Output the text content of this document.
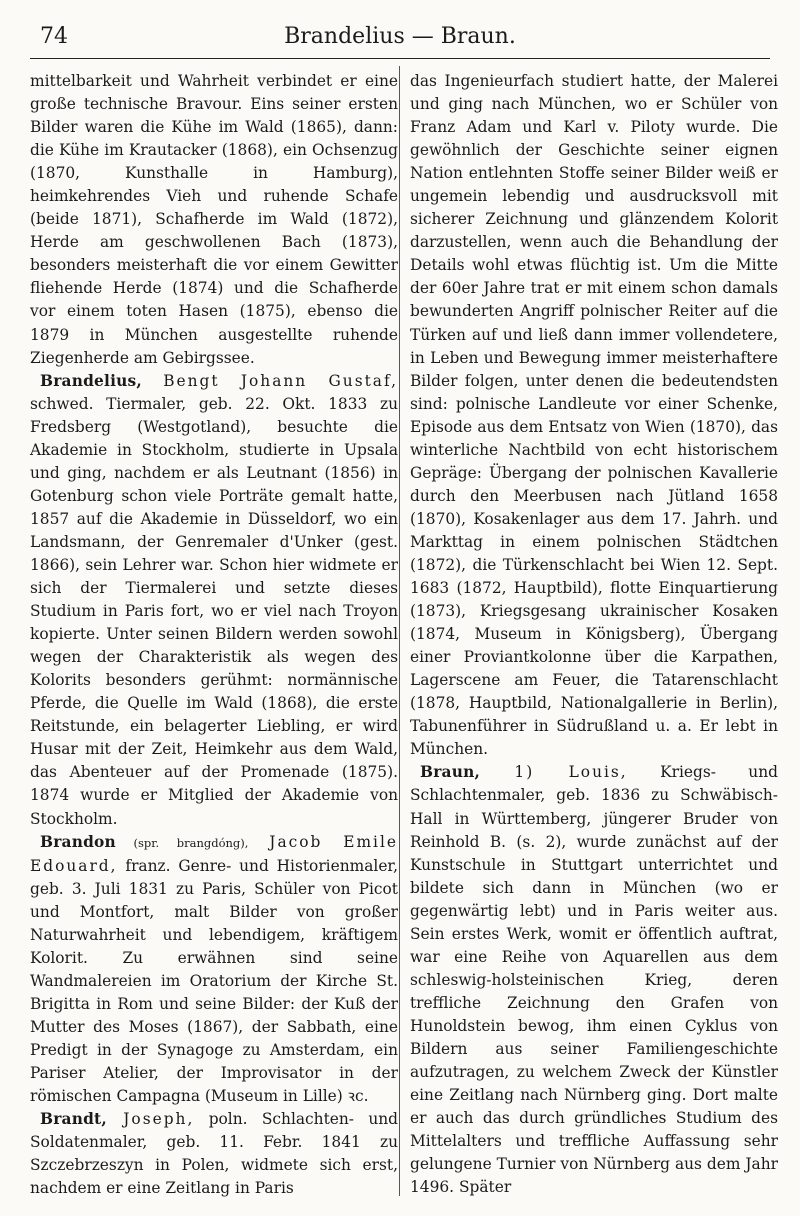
74	Brandelius — Braun.

mittelbarkeit und Wahrheit verbindet er eine große technische Bravour. Eins seiner ersten Bilder waren die Kühe im Wald (1865), dann: die Kühe im Krautacker (1868), ein Ochsenzug (1870, Kunsthalle in Hamburg), heimkehrendes Vieh und ruhende Schafe (beide 1871), Schafherde im Wald (1872), Herde am geschwollenen Bach (1873), besonders meisterhaft die vor einem Gewitter fliehende Herde (1874) und die Schafherde vor einem toten Hasen (1875), ebenso die 1879 in München ausgestellte ruhende Ziegenherde am Gebirgssee.

Brandelius, Bengt Johann Gustaf, schwed. Tiermaler, geb. 22. Okt. 1833 zu Fredsberg (Westgotland), besuchte die Akademie in Stockholm, studierte in Upsala und ging, nachdem er als Leutnant (1856) in Gotenburg schon viele Porträte gemalt hatte, 1857 auf die Akademie in Düsseldorf, wo ein Landsmann, der Genremaler d'Unker (gest. 1866), sein Lehrer war. Schon hier widmete er sich der Tiermalerei und setzte dieses Studium in Paris fort, wo er viel nach Troyon kopierte. Unter seinen Bildern werden sowohl wegen der Charakteristik als wegen des Kolorits besonders gerühmt: normännische Pferde, die Quelle im Wald (1868), die erste Reitstunde, ein belagerter Liebling, er wird Husar mit der Zeit, Heimkehr aus dem Wald, das Abenteuer auf der Promenade (1875). 1874 wurde er Mitglied der Akademie von Stockholm.

Brandon (spr. brangdóng), Jacob Emile Edouard, franz. Genre- und Historienmaler, geb. 3. Juli 1831 zu Paris, Schüler von Picot und Montfort, malt Bilder von großer Naturwahrheit und lebendigem, kräftigem Kolorit. Zu erwähnen sind seine Wandmalereien im Oratorium der Kirche St. Brigitta in Rom und seine Bilder: der Kuß der Mutter des Moses (1867), der Sabbath, eine Predigt in der Synagoge zu Amsterdam, ein Pariser Atelier, der Improvisator in der römischen Campagna (Museum in Lille) ꝛc.

Brandt, Joseph, poln. Schlachten- und Soldatenmaler, geb. 11. Febr. 1841 zu Szczebrzeszyn in Polen, widmete sich erst, nachdem er eine Zeitlang in Paris

das Ingenieurfach studiert hatte, der Malerei und ging nach München, wo er Schüler von Franz Adam und Karl v. Piloty wurde. Die gewöhnlich der Geschichte seiner eignen Nation entlehnten Stoffe seiner Bilder weiß er ungemein lebendig und ausdrucksvoll mit sicherer Zeichnung und glänzendem Kolorit darzustellen, wenn auch die Behandlung der Details wohl etwas flüchtig ist. Um die Mitte der 60er Jahre trat er mit einem schon damals bewunderten Angriff polnischer Reiter auf die Türken auf und ließ dann immer vollendetere, in Leben und Bewegung immer meisterhaftere Bilder folgen, unter denen die bedeutendsten sind: polnische Landleute vor einer Schenke, Episode aus dem Entsatz von Wien (1870), das winterliche Nachtbild von echt historischem Gepräge: Übergang der polnischen Kavallerie durch den Meerbusen nach Jütland 1658 (1870), Kosakenlager aus dem 17. Jahrh. und Markttag in einem polnischen Städtchen (1872), die Türkenschlacht bei Wien 12. Sept. 1683 (1872, Hauptbild), flotte Einquartierung (1873), Kriegsgesang ukrainischer Kosaken (1874, Museum in Königsberg), Übergang einer Proviantkolonne über die Karpathen, Lagerscene am Feuer, die Tatarenschlacht (1878, Hauptbild, Nationalgallerie in Berlin), Tabunenführer in Südrußland u. a. Er lebt in München.

Braun, 1) Louis, Kriegs- und Schlachtenmaler, geb. 1836 zu Schwäbisch-Hall in Württemberg, jüngerer Bruder von Reinhold B. (s. 2), wurde zunächst auf der Kunstschule in Stuttgart unterrichtet und bildete sich dann in München (wo er gegenwärtig lebt) und in Paris weiter aus. Sein erstes Werk, womit er öffentlich auftrat, war eine Reihe von Aquarellen aus dem schleswig-holsteinischen Krieg, deren treffliche Zeichnung den Grafen von Hunoldstein bewog, ihm einen Cyklus von Bildern aus seiner Familiengeschichte aufzutragen, zu welchem Zweck der Künstler eine Zeitlang nach Nürnberg ging. Dort malte er auch das durch gründliches Studium des Mittelalters und treffliche Auffassung sehr gelungene Turnier von Nürnberg aus dem Jahr 1496. Später
